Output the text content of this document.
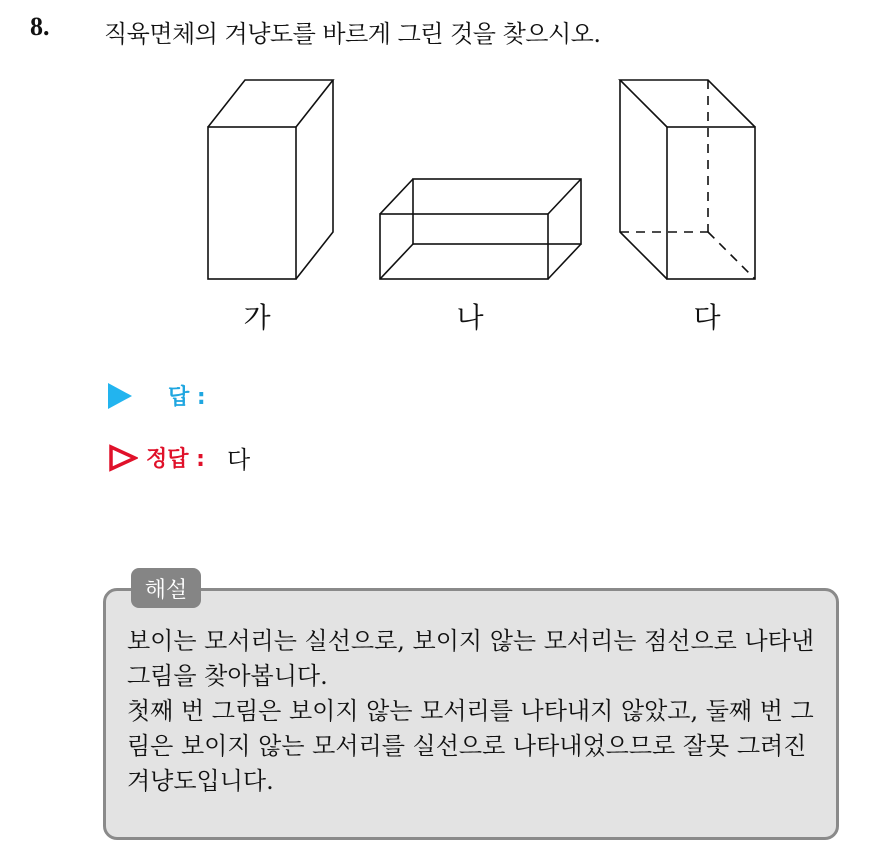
8. 직육면체의 겨냥도를 바르게 그린 것을 찾으시오.
가	나	다
답 :
정답 : 다
해설

보이는 모서리는 실선으로, 보이지 않는 모서리는 점선으로 나타낸 그림을 찾아봅니다.

첫째 번 그림은 보이지 않는 모서리를 나타내지 않았고, 둘째 번 그림은 보이지 않는 모서리를 실선으로 나타내었으므로 잘못 그려진 겨냥도입니다.
